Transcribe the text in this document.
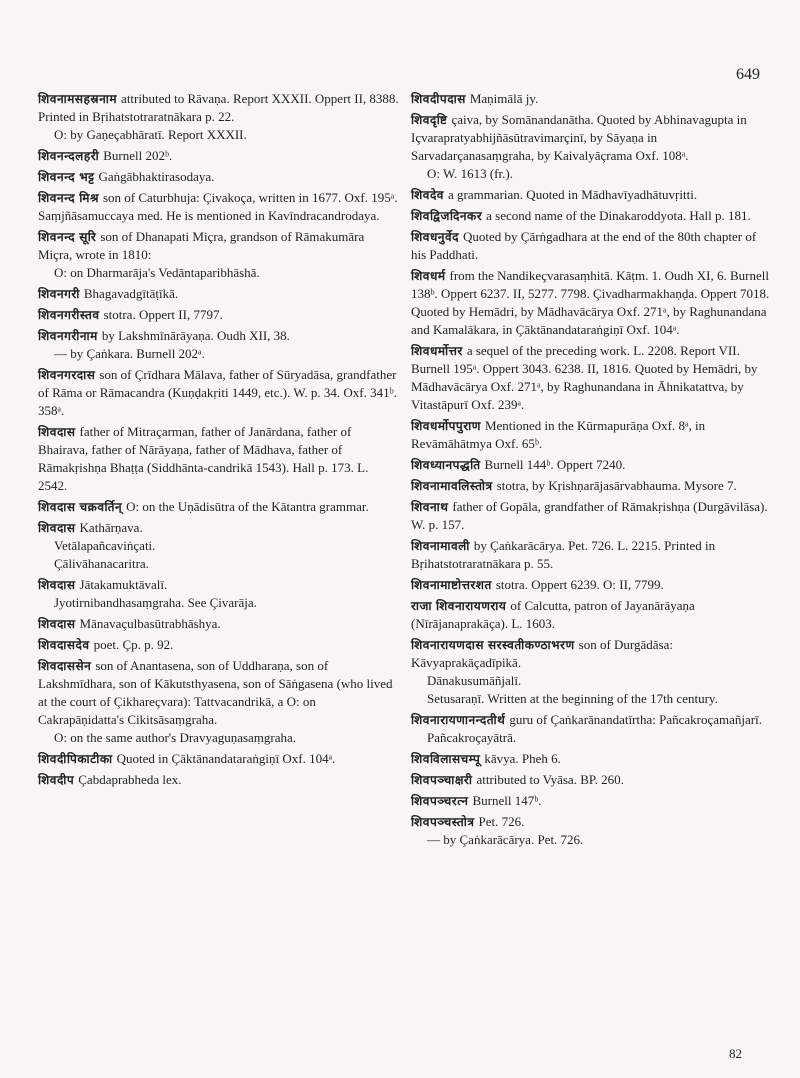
649

शिवनामसहस्रनाम attributed to Rāvaṇa. Report XXXII. Oppert II, 8388. Printed in Bṛihatstotraratnākara p. 22.

O: by Gaṇeçabhāratī. Report XXXII.

शिवनन्दलहरी Burnell 202ᵇ.

शिवनन्द भट्ट Gaṅgābhaktirasodaya.

शिवनन्द मिश्र son of Caturbhuja: Çivakoça, written in 1677. Oxf. 195ᵃ. Saṃjñāsamuccaya med. He is mentioned in Kavīndracandrodaya.

शिवनन्द सूरि son of Dhanapati Miçra, grandson of Rāmakumāra Miçra, wrote in 1810:

O: on Dharmarāja's Vedāntaparibhāshā.

शिवनगरी Bhagavadgītāṭīkā.

शिवनगरीस्तव stotra. Oppert II, 7797.

शिवनगरीनाम by Lakshmīnārāyaṇa. Oudh XII, 38.

— by Çaṅkara. Burnell 202ᵃ.

शिवनगरदास son of Çrīdhara Mālava, father of Sūryadāsa, grandfather of Rāma or Rāmacandra (Kuṇḍakṛiti 1449, etc.). W. p. 34. Oxf. 341ᵇ. 358ᵃ.

शिवदास father of Mitraçarman, father of Janārdana, father of Bhairava, father of Nārāyaṇa, father of Mādhava, father of Rāmakṛishṇa Bhaṭṭa (Siddhānta-candrikā 1543). Hall p. 173. L. 2542.

शिवदास चक्रवर्तिन् O: on the Uṇādisūtra of the Kātantra grammar.

शिवदास Kathārṇava.

Vetālapañcaviṅçati.

Çālivāhanacaritra.

शिवदास Jātakamuktāvalī.

Jyotirnibandhasaṃgraha. See Çivarāja.

शिवदास Mānavaçulbasūtrabhāshya.

शिवदासदेव poet. Çp. p. 92.

शिवदाससेन son of Anantasena, son of Uddharaṇa, son of Lakshmīdhara, son of Kākutsthyasena, son of Sāṅgasena (who lived at the court of Çikhareçvara): Tattvacandrikā, a O: on Cakrapāṇidatta's Cikitsāsaṃgraha.

O: on the same author's Dravyaguṇasaṃgraha.

शिवदीपिकाटीका Quoted in Çāktānandataraṅgiṇī Oxf. 104ᵃ.

शिवदीप Çabdaprabheda lex.

शिवदीपदास Maṇimālā jy.

शिवदृष्टि çaiva, by Somānandanātha. Quoted by Abhinavagupta in Içvarapratyabhijñāsūtravimarçinī, by Sāyaṇa in Sarvadarçanasaṃgraha, by Kaivalyāçrama Oxf. 108ᵃ.

O: W. 1613 (fr.).

शिवदेव a grammarian. Quoted in Mādhavīyadhātuvṛitti.

शिवद्विजदिनकर a second name of the Dinakaroddyota. Hall p. 181.

शिवधनुर्वेद Quoted by Çārṅgadhara at the end of the 80th chapter of his Paddhati.

शिवधर्म from the Nandikeçvarasaṃhitā. Kāṭm. 1. Oudh XI, 6. Burnell 138ᵇ. Oppert 6237. II, 5277. 7798. Çivadharmakhaṇḍa. Oppert 7018. Quoted by Hemādri, by Mādhavācārya Oxf. 271ᵃ, by Raghunandana and Kamalākara, in Çāktānandataraṅgiṇī Oxf. 104ᵃ.

शिवधर्मोत्तर a sequel of the preceding work. L. 2208. Report VII. Burnell 195ᵃ. Oppert 3043. 6238. II, 1816. Quoted by Hemādri, by Mādhavācārya Oxf. 271ᵃ, by Raghunandana in Āhnikatattva, by Vitastāpurī Oxf. 239ᵃ.

शिवधर्मोपपुराण Mentioned in the Kūrmapurāṇa Oxf. 8ᵃ, in Revāmāhātmya Oxf. 65ᵇ.

शिवध्यानपद्धति Burnell 144ᵇ. Oppert 7240.

शिवनामावलिस्तोत्र stotra, by Kṛishṇarājasārvabhauma. Mysore 7.

शिवनाथ father of Gopāla, grandfather of Rāmakṛishṇa (Durgāvilāsa). W. p. 157.

शिवनामावली by Çaṅkarācārya. Pet. 726. L. 2215. Printed in Bṛihatstotraratnākara p. 55.

शिवनामाष्टोत्तरशत stotra. Oppert 6239. O: II, 7799.

राजा शिवनारायणराय of Calcutta, patron of Jayanārāyaṇa (Nīrājanaprakāça). L. 1603.

शिवनारायणदास सरस्वतीकण्ठाभरण son of Durgādāsa: Kāvyaprakāçadīpikā.

Dānakusumāñjalī.

Setusaraṇī. Written at the beginning of the 17th century.

शिवनारायणानन्दतीर्थ guru of Çaṅkarānandatīrtha: Pañcakroçamañjarī.

Pañcakroçayātrā.

शिवविलासचम्पू kāvya. Pheh 6.

शिवपञ्चाक्षरी attributed to Vyāsa. BP. 260.

शिवपञ्चरत्न Burnell 147ᵇ.

शिवपञ्चस्तोत्र Pet. 726.

— by Çaṅkarācārya. Pet. 726.

82
